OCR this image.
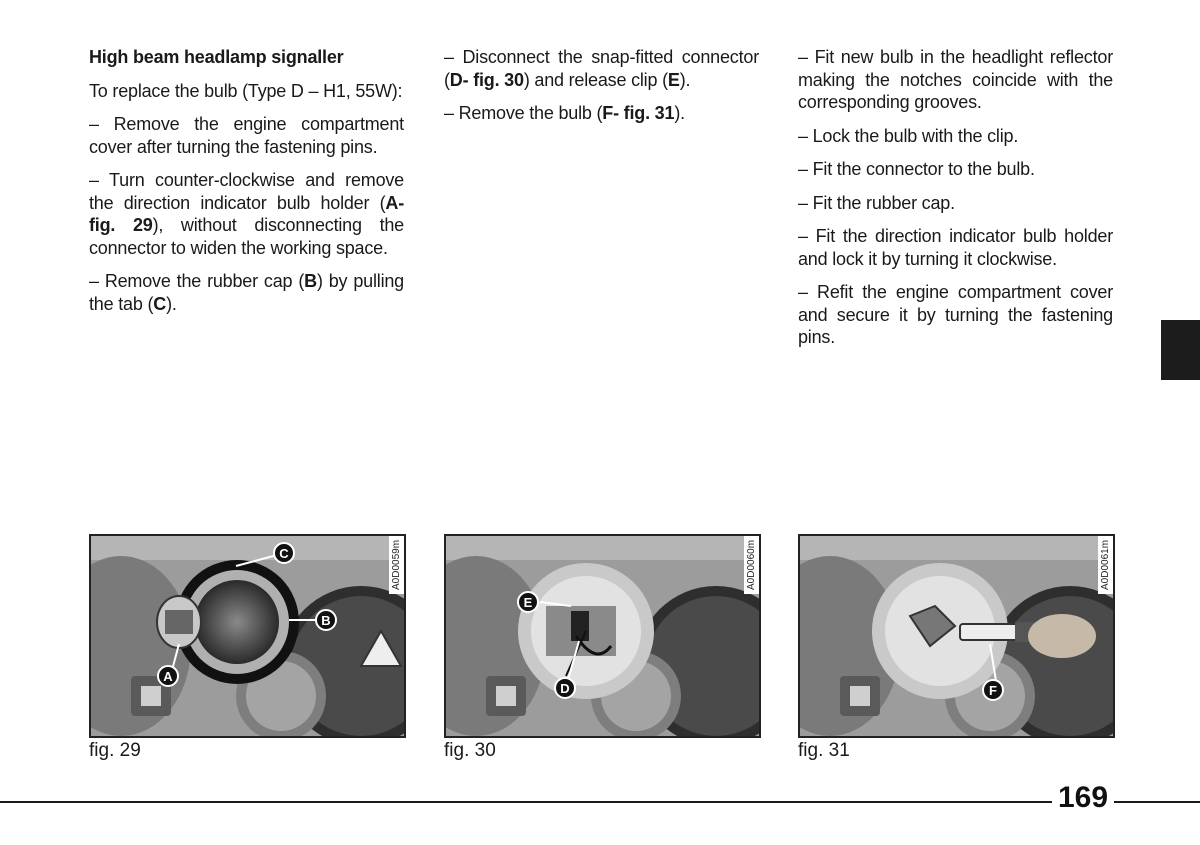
High beam headlamp signaller

To replace the bulb (Type D – H1, 55W):

– Remove the engine compartment cover after turning the fastening pins.

– Turn counter-clockwise and remove the direction indicator bulb holder (A- fig. 29), without disconnecting the connector to widen the working space.

– Remove the rubber cap (B) by pulling the tab (C).

– Disconnect the snap-fitted connector (D- fig. 30) and release clip (E).

– Remove the bulb (F- fig. 31).

– Fit new bulb in the headlight reflector making the notches coincide with the corresponding grooves.

– Lock the bulb with the clip.

– Fit the connector to the bulb.

– Fit the rubber cap.

– Fit the direction indicator bulb holder and lock it by turning it clockwise.

– Refit the engine compartment cover and secure it by turning the fastening pins.

C
B
A
A0D0059m
E
D
A0D0060m
F
A0D0061m
fig. 29	fig. 30	fig. 31
169
